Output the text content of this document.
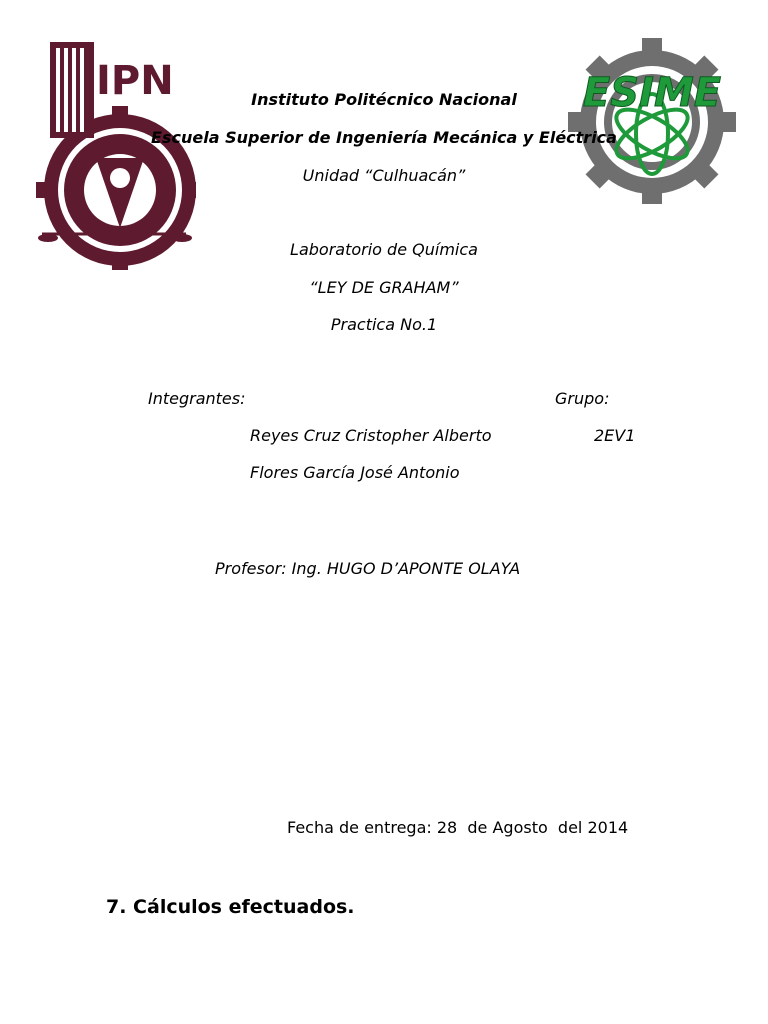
IPN	ESIME
Instituto Politécnico Nacional
Escuela Superior de Ingeniería Mecánica y Eléctrica
Unidad “Culhuacán”
Laboratorio de Química
“LEY DE GRAHAM”
Practica No.1
Integrantes:	Grupo:
Reyes Cruz Cristopher Alberto	2EV1
Flores García José Antonio
Profesor: Ing. HUGO D’APONTE OLAYA
Fecha de entrega: 28  de Agosto  del 2014
7. Cálculos efectuados.
